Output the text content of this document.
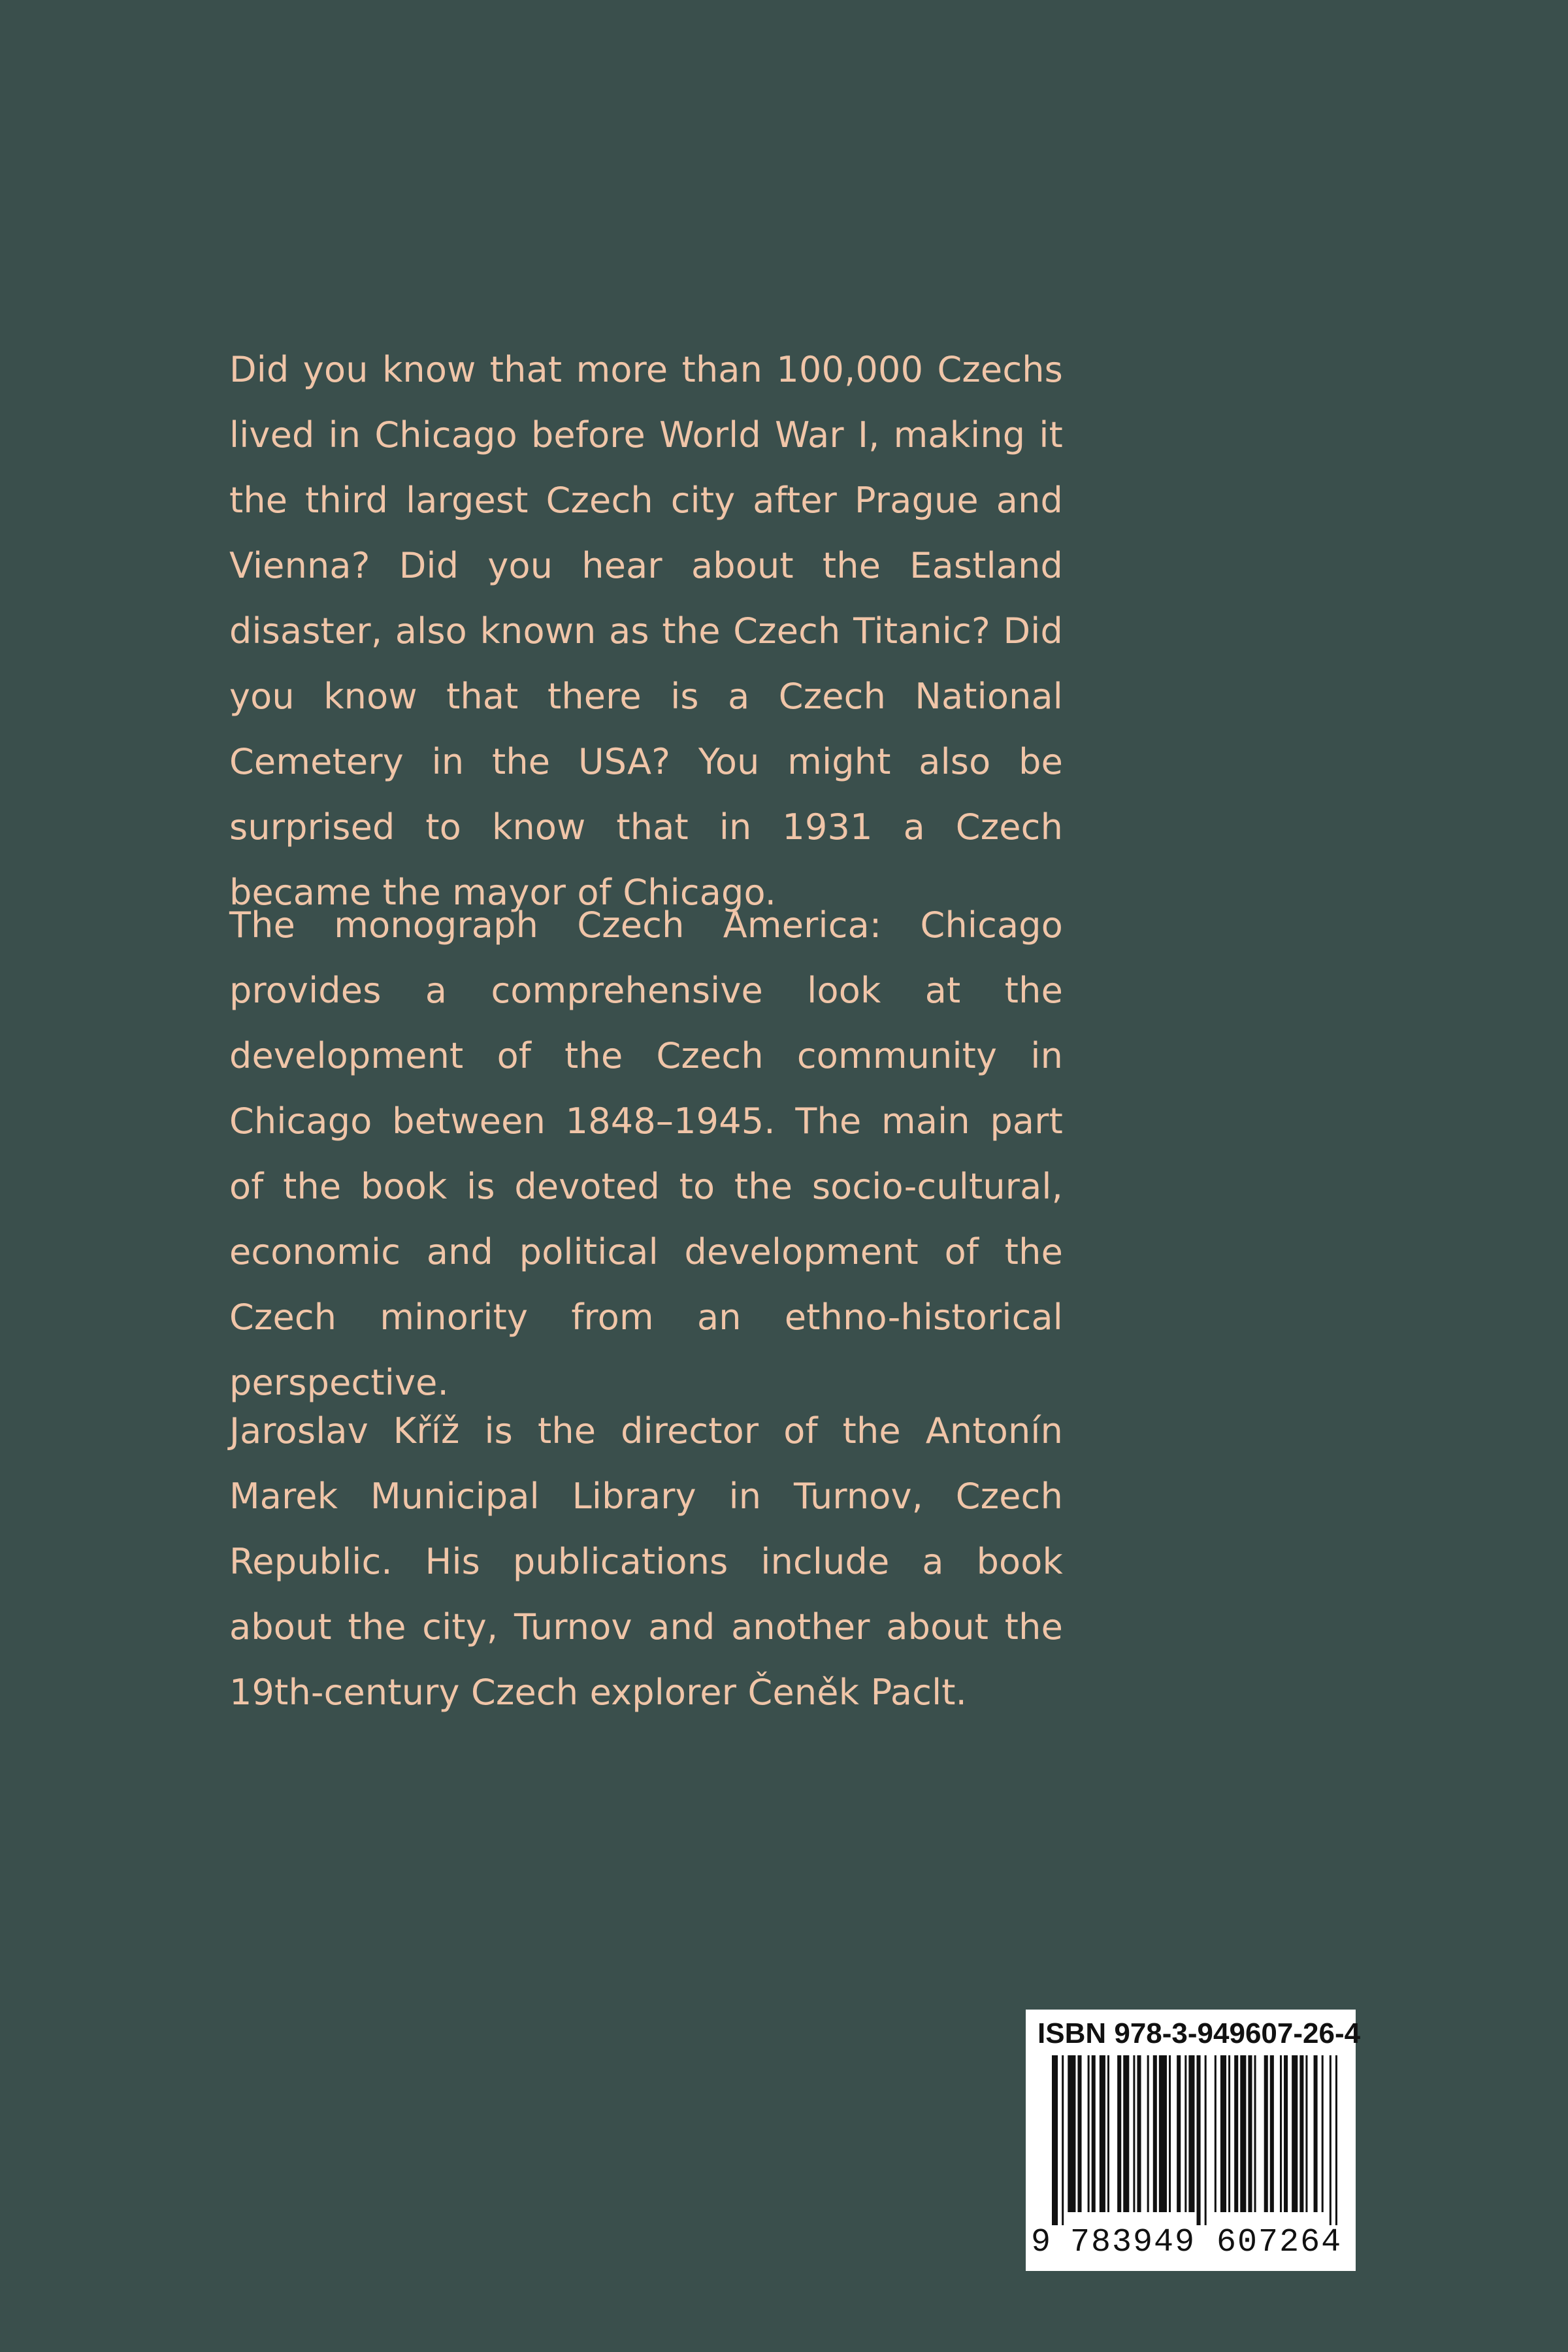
Did you know that more than 100,000 Czechs lived in Chicago before World War I, making it the third largest Czech city after Prague and Vienna? Did you hear about the Eastland disaster, also known as the Czech Titanic? Did you know that there is a Czech National Cemetery in the USA? You might also be surprised to know that in 1931 a Czech became the mayor of Chicago.

The monograph Czech America: Chicago provides a comprehensive look at the development of the Czech community in Chicago between 1848–1945. The main part of the book is devoted to the socio-cultural, economic and political development of the Czech minority from an ethno-historical perspective.

Jaroslav Kříž is the director of the Antonín Marek Municipal Library in Turnov, Czech Republic. His publications include a book about the city, Turnov and another about the 19th-century Czech explorer Čeněk Paclt.

ISBN 978-3-949607-26-4
9 783949 607264
